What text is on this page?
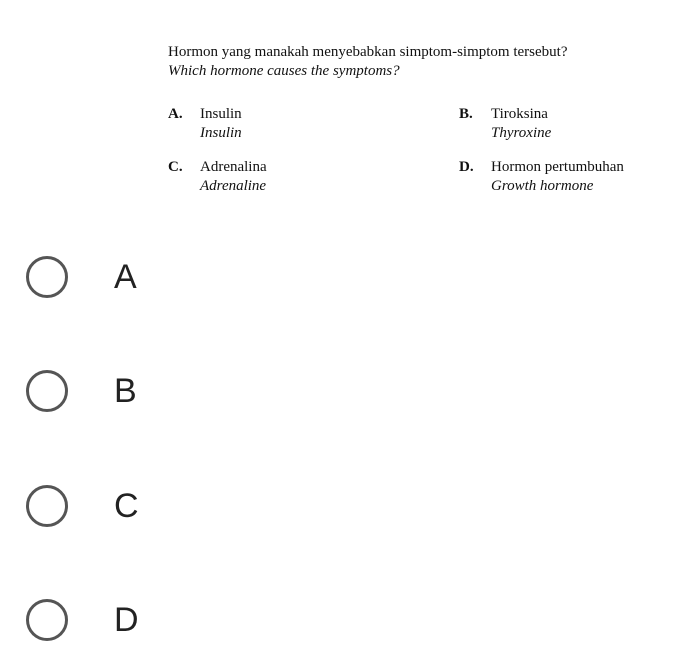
Hormon yang manakah menyebabkan simptom-simptom tersebut?
Which hormone causes the symptoms?
A. Insulin
Insulin
B. Tiroksina
Thyroxine
C. Adrenalina
Adrenaline
D. Hormon pertumbuhan
Growth hormone
A
B
C
D
